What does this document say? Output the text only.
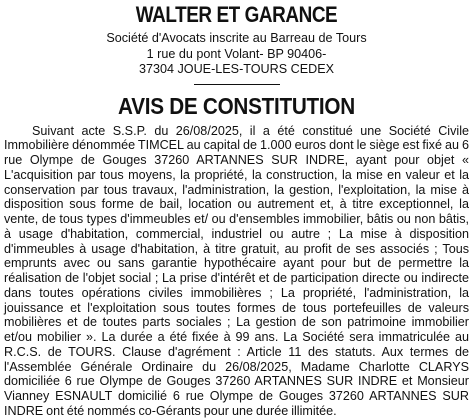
WALTER ET GARANCE
Société d'Avocats inscrite au Barreau de Tours
1 rue du pont Volant- BP 90406-
37304 JOUE-LES-TOURS CEDEX
AVIS DE CONSTITUTION
Suivant acte S.S.P. du 26/08/2025, il a été constitué une Société Civile Immobilière dénommée TIMCEL au capital de 1.000 euros dont le siège est fixé au 6 rue Olympe de Gouges 37260 ARTANNES SUR INDRE, ayant pour objet « L'acquisition par tous moyens, la propriété, la construction, la mise en valeur et la conservation par tous travaux, l'administration, la gestion, l'exploitation, la mise à disposition sous forme de bail, location ou autrement et, à titre exceptionnel, la vente, de tous types d'immeubles et/ ou d'ensembles immobilier, bâtis ou non bâtis, à usage d'habitation, commercial, industriel ou autre ; La mise à disposition d'immeubles à usage d'habitation, à titre gratuit, au profit de ses associés ; Tous emprunts avec ou sans garantie hypothécaire ayant pour but de permettre la réalisation de l'objet social ; La prise d'intérêt et de participation directe ou indirecte dans toutes opérations civiles immobilières ; La propriété, l'administration, la jouissance et l'exploitation sous toutes formes de tous portefeuilles de valeurs mobilières et de toutes parts sociales ; La gestion de son patrimoine immobilier et/ou mobilier ». La durée a été fixée à 99 ans. La Société sera immatriculée au R.C.S. de TOURS. Clause d'agrément : Article 11 des statuts. Aux termes de l'Assemblée Générale Ordinaire du 26/08/2025, Madame Charlotte CLARYS domiciliée 6 rue Olympe de Gouges 37260 ARTANNES SUR INDRE et Monsieur Vianney ESNAULT domicilié 6 rue Olympe de Gouges 37260 ARTANNES SUR INDRE ont été nommés co-Gérants pour une durée illimitée.
